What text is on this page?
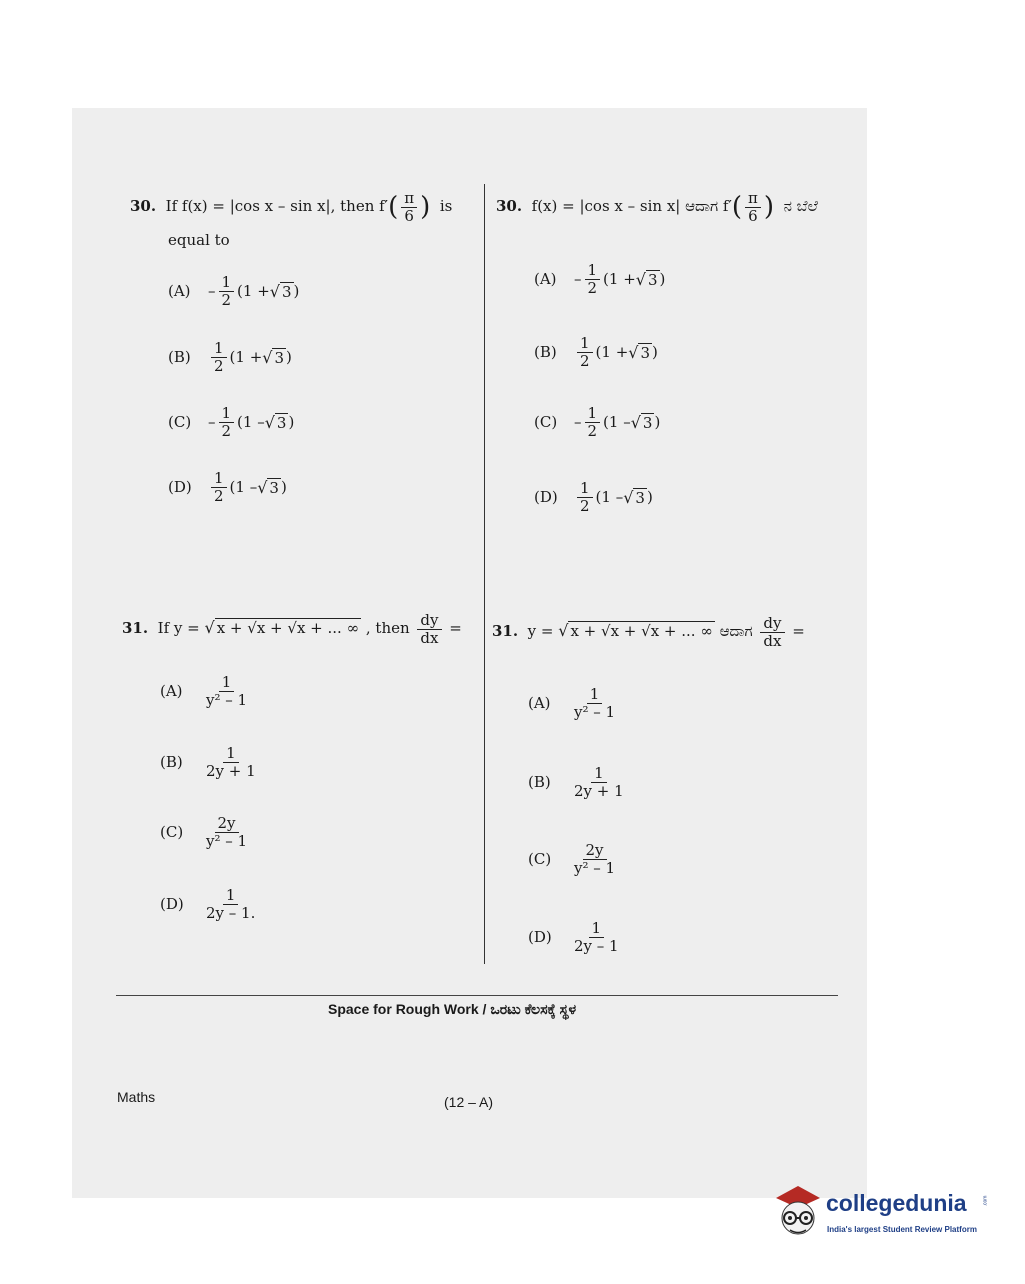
30. If f(x) = |cos x – sin x|, then $f'( \frac{\pi}{6}$ ) is
equal to
(A)	– $\frac{1}{2} (1$ + √ 3 )
(B)	$\frac{1}{2} (1$ + √ 3 )
(C)	– $\frac{1}{2} (1$ – √ 3 )
(D)	$\frac{1}{2} (1$ – √ 3 )
30. f(x) = |cos x – sin x| ಆದಾಗ $f'( \frac{\pi}{6}$ ) ನ ಬೆಲೆ
(A)	– $\frac{1}{2} (1$ + √ 3 )
(B)	$\frac{1}{2} (1$ + √ 3 )
(C)	– $\frac{1}{2} (1$ – √ 3 )
(D)	$\frac{1}{2} (1$ – √ 3 )
31. If y = √ x + √x + √x + ... ∞ , then $\frac{dy}{dx}$ =
(A)	$\frac{1}{\text{y² – 1}}$
(B)	$\frac{1}{2y + 1}$
(C)	$\frac{2y}{\text{y² – 1}}$
(D)	$\frac{1}{2y - 1.}$
31. y = √ x + √x + √x + ... ∞ ಆದಾಗ $\frac{dy}{dx}$ =
(A)	$\frac{1}{\text{y² – 1}}$
(B)	$\frac{1}{2y + 1}$
(C)	$\frac{2y}{\text{y² – 1}}$
(D)	$\frac{1}{2y - 1}$
Space for Rough Work / ಒರಟು ಕೆಲಸಕ್ಕೆ ಸ್ಥಳ
Maths	(12 – A)
collegedunia	.com
India's largest Student Review Platform
